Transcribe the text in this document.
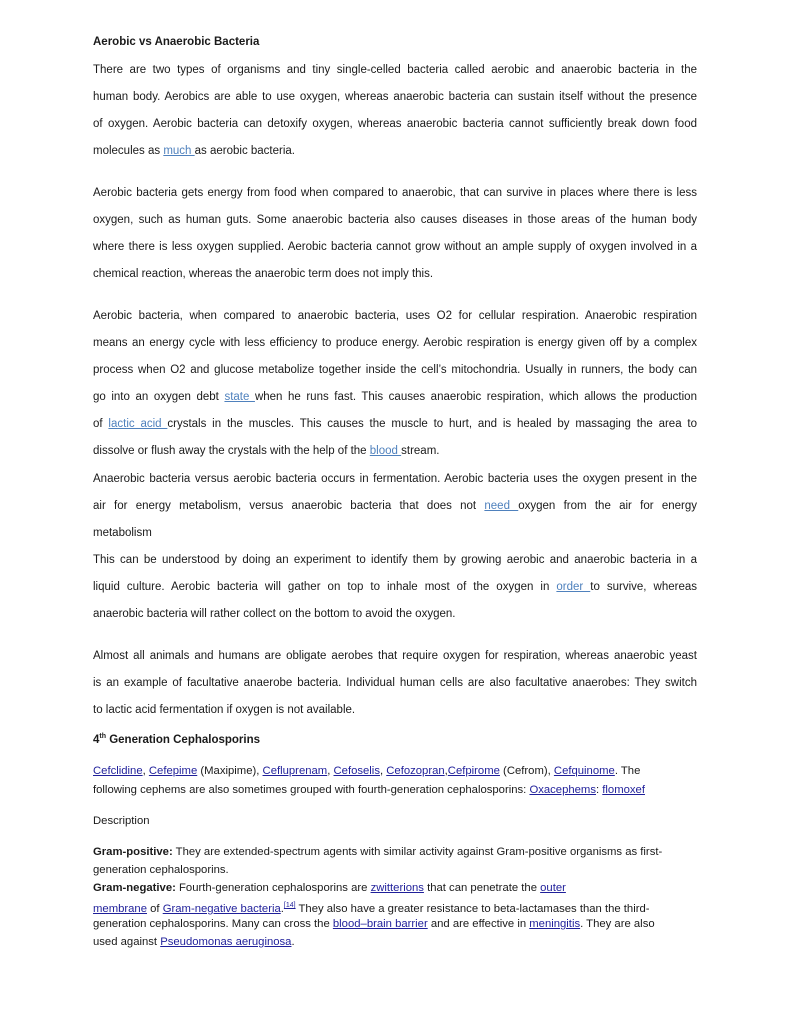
Aerobic vs Anaerobic Bacteria
There are two types of organisms and tiny single-celled bacteria called aerobic and anaerobic bacteria in the
human body. Aerobics are able to use oxygen, whereas anaerobic bacteria can sustain itself without the presence
of oxygen. Aerobic bacteria can detoxify oxygen, whereas anaerobic bacteria cannot sufficiently break down food
molecules as much as aerobic bacteria.
Aerobic bacteria gets energy from food when compared to anaerobic, that can survive in places where there is less
oxygen, such as human guts. Some anaerobic bacteria also causes diseases in those areas of the human body
where there is less oxygen supplied. Aerobic bacteria cannot grow without an ample supply of oxygen involved in a
chemical reaction, whereas the anaerobic term does not imply this.
Aerobic bacteria, when compared to anaerobic bacteria, uses O2 for cellular respiration. Anaerobic respiration
means an energy cycle with less efficiency to produce energy. Aerobic respiration is energy given off by a complex
process when O2 and glucose metabolize together inside the cell’s mitochondria. Usually in runners, the body can
go into an oxygen debt state when he runs fast. This causes anaerobic respiration, which allows the production
of lactic acid crystals in the muscles. This causes the muscle to hurt, and is healed by massaging the area to
dissolve or flush away the crystals with the help of the blood stream.
Anaerobic bacteria versus aerobic bacteria occurs in fermentation. Aerobic bacteria uses the oxygen present in the
air for energy metabolism, versus anaerobic bacteria that does not need oxygen from the air for energy
metabolism
This can be understood by doing an experiment to identify them by growing aerobic and anaerobic bacteria in a
liquid culture. Aerobic bacteria will gather on top to inhale most of the oxygen in order to survive, whereas
anaerobic bacteria will rather collect on the bottom to avoid the oxygen.
Almost all animals and humans are obligate aerobes that require oxygen for respiration, whereas anaerobic yeast
is an example of facultative anaerobe bacteria. Individual human cells are also facultative anaerobes: They switch
to lactic acid fermentation if oxygen is not available.
4th Generation Cephalosporins
Cefclidine, Cefepime (Maxipime), Cefluprenam, Cefoselis, Cefozopran,Cefpirome (Cefrom), Cefquinome. The
following cephems are also sometimes grouped with fourth-generation cephalosporins: Oxacephems: flomoxef
Description
Gram-positive: They are extended-spectrum agents with similar activity against Gram-positive organisms as first-
generation cephalosporins.
Gram-negative: Fourth-generation cephalosporins are zwitterions that can penetrate the outer
membrane of Gram-negative bacteria.[14] They also have a greater resistance to beta-lactamases than the third-
generation cephalosporins. Many can cross the blood–brain barrier and are effective in meningitis. They are also
used against Pseudomonas aeruginosa.
